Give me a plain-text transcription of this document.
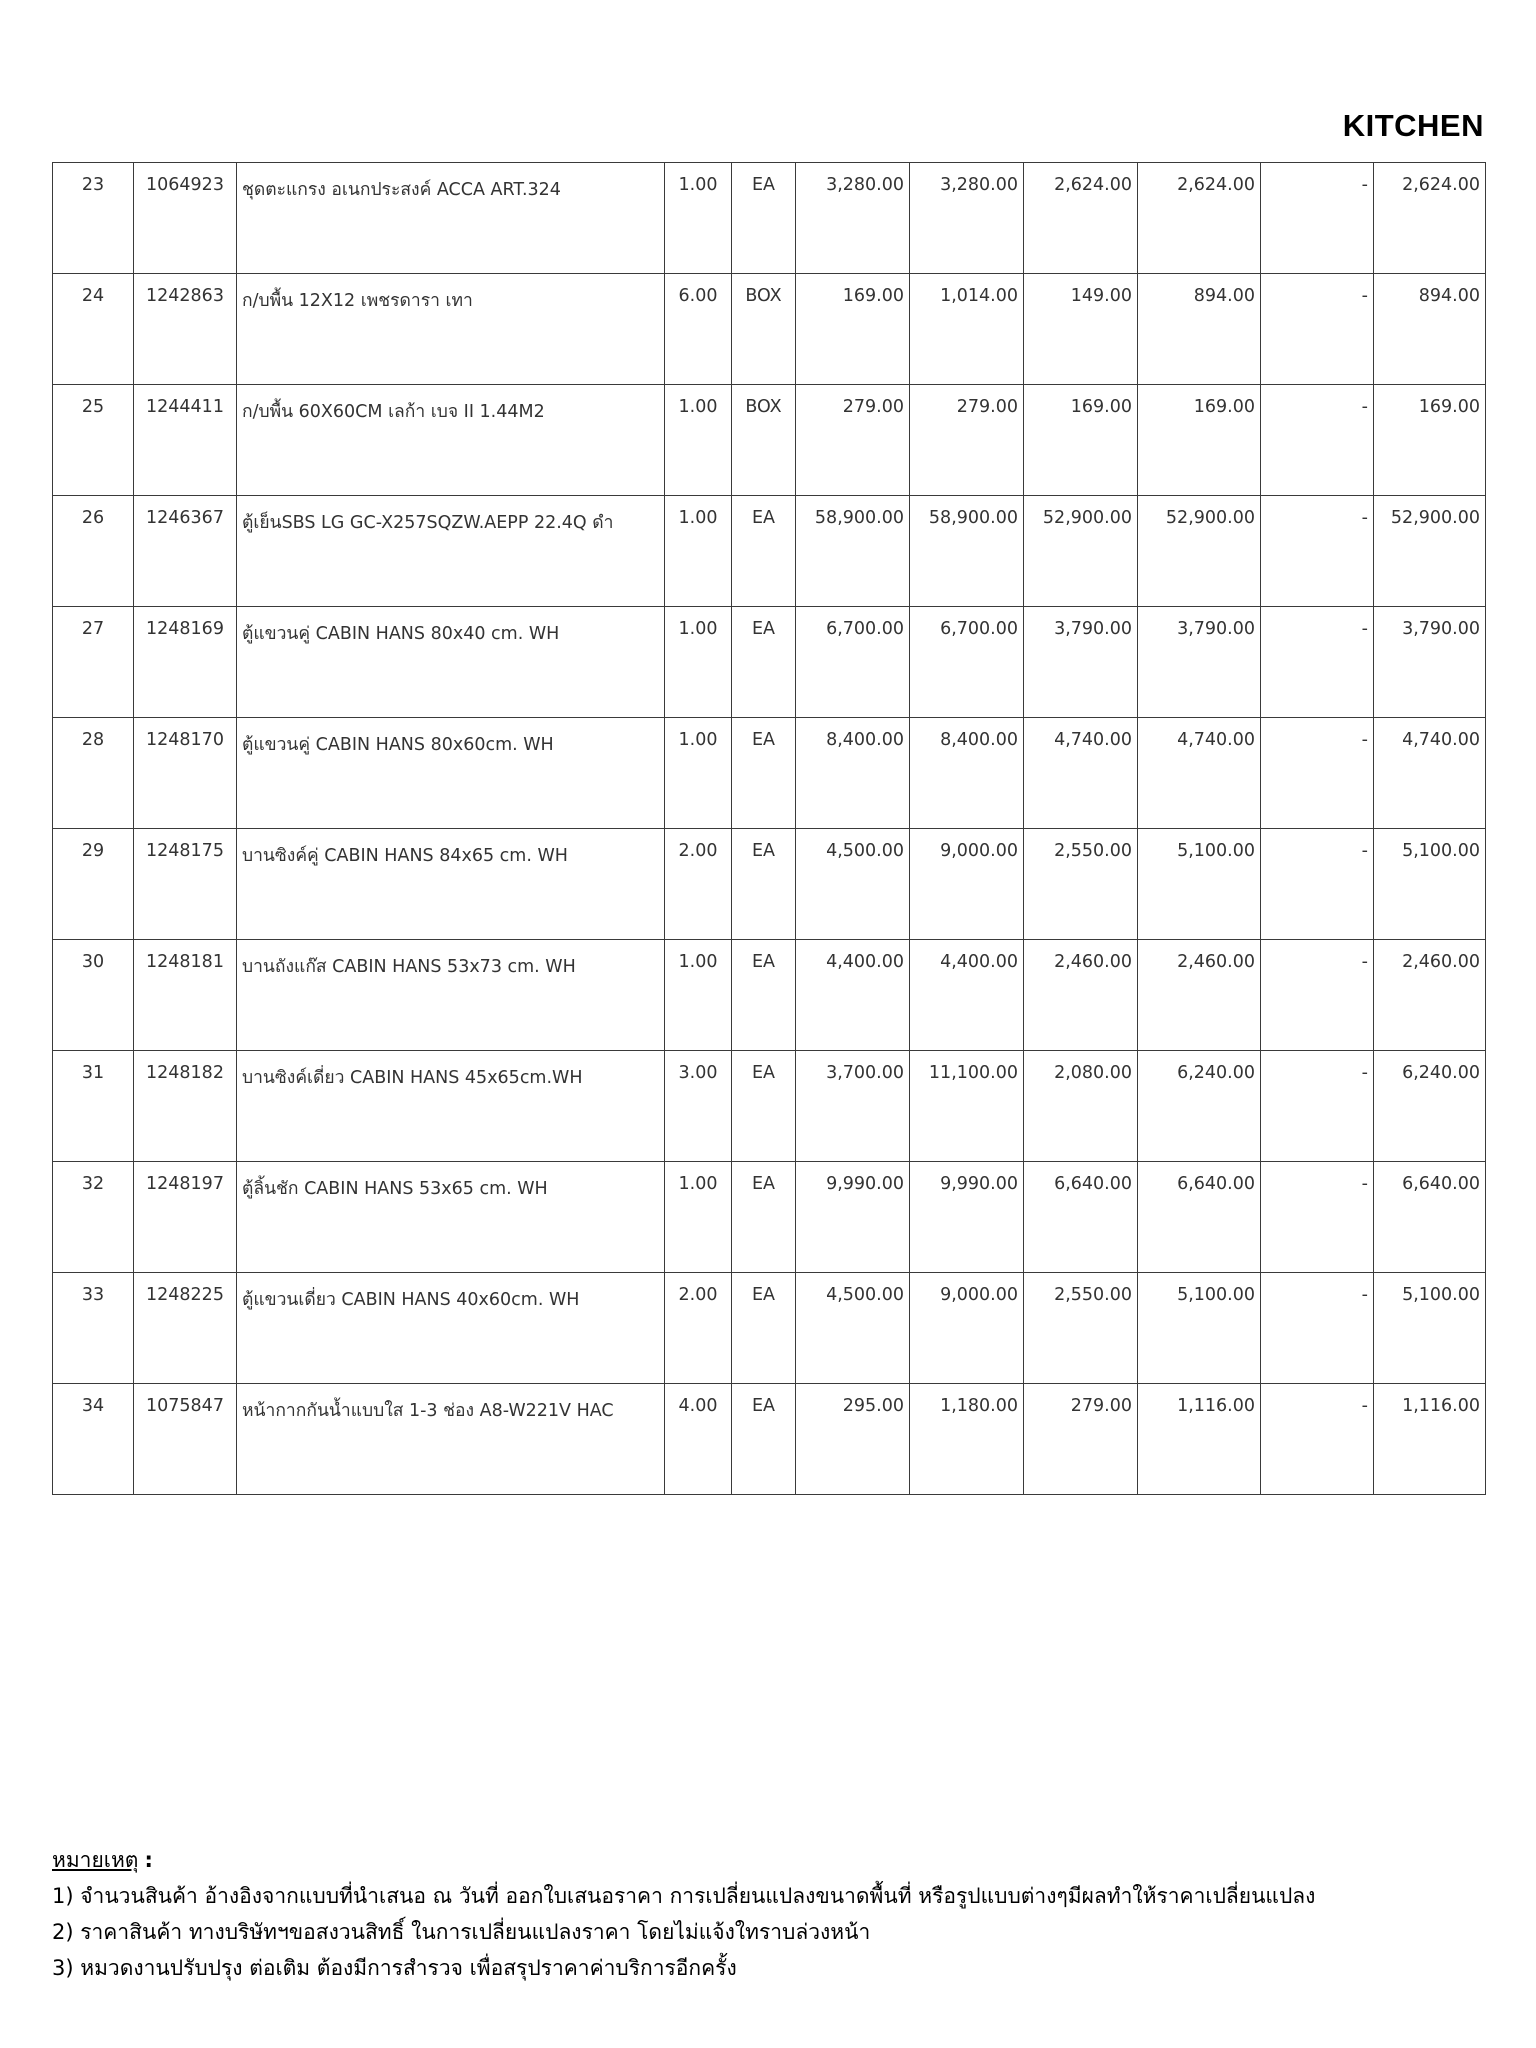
KITCHEN
23	1064923	ชุดตะแกรง อเนกประสงค์ ACCA ART.324	1.00	EA	3,280.00	3,280.00	2,624.00	2,624.00	-	2,624.00
24	1242863	ก/บพื้น 12X12 เพชรดารา เทา	6.00	BOX	169.00	1,014.00	149.00	894.00	-	894.00
25	1244411	ก/บพื้น 60X60CM เลก้า เบจ II 1.44M2	1.00	BOX	279.00	279.00	169.00	169.00	-	169.00
26	1246367	ตู้เย็นSBS LG GC-X257SQZW.AEPP 22.4Q ดำ	1.00	EA	58,900.00	58,900.00	52,900.00	52,900.00	-	52,900.00
27	1248169	ตู้แขวนคู่ CABIN HANS 80x40 cm. WH	1.00	EA	6,700.00	6,700.00	3,790.00	3,790.00	-	3,790.00
28	1248170	ตู้แขวนคู่ CABIN HANS 80x60cm. WH	1.00	EA	8,400.00	8,400.00	4,740.00	4,740.00	-	4,740.00
29	1248175	บานซิงค์คู่ CABIN HANS 84x65 cm. WH	2.00	EA	4,500.00	9,000.00	2,550.00	5,100.00	-	5,100.00
30	1248181	บานถังแก๊ส CABIN HANS 53x73 cm. WH	1.00	EA	4,400.00	4,400.00	2,460.00	2,460.00	-	2,460.00
31	1248182	บานซิงค์เดี่ยว CABIN HANS 45x65cm.WH	3.00	EA	3,700.00	11,100.00	2,080.00	6,240.00	-	6,240.00
32	1248197	ตู้ลิ้นชัก CABIN HANS 53x65 cm. WH	1.00	EA	9,990.00	9,990.00	6,640.00	6,640.00	-	6,640.00
33	1248225	ตู้แขวนเดี่ยว CABIN HANS 40x60cm. WH	2.00	EA	4,500.00	9,000.00	2,550.00	5,100.00	-	5,100.00
34	1075847	หน้ากากกันน้ำแบบใส 1-3 ช่อง A8-W221V HAC	4.00	EA	295.00	1,180.00	279.00	1,116.00	-	1,116.00
หมายเหตุ :
1) จำนวนสินค้า อ้างอิงจากแบบที่นำเสนอ ณ วันที่ ออกใบเสนอราคา การเปลี่ยนแปลงขนาดพื้นที่ หรือรูปแบบต่างๆมีผลทำให้ราคาเปลี่ยนแปลง
2) ราคาสินค้า ทางบริษัทฯขอสงวนสิทธิ์ ในการเปลี่ยนแปลงราคา โดยไม่แจ้งใทราบล่วงหน้า
3) หมวดงานปรับปรุง ต่อเติม ต้องมีการสำรวจ เพื่อสรุปราคาค่าบริการอีกครั้ง
